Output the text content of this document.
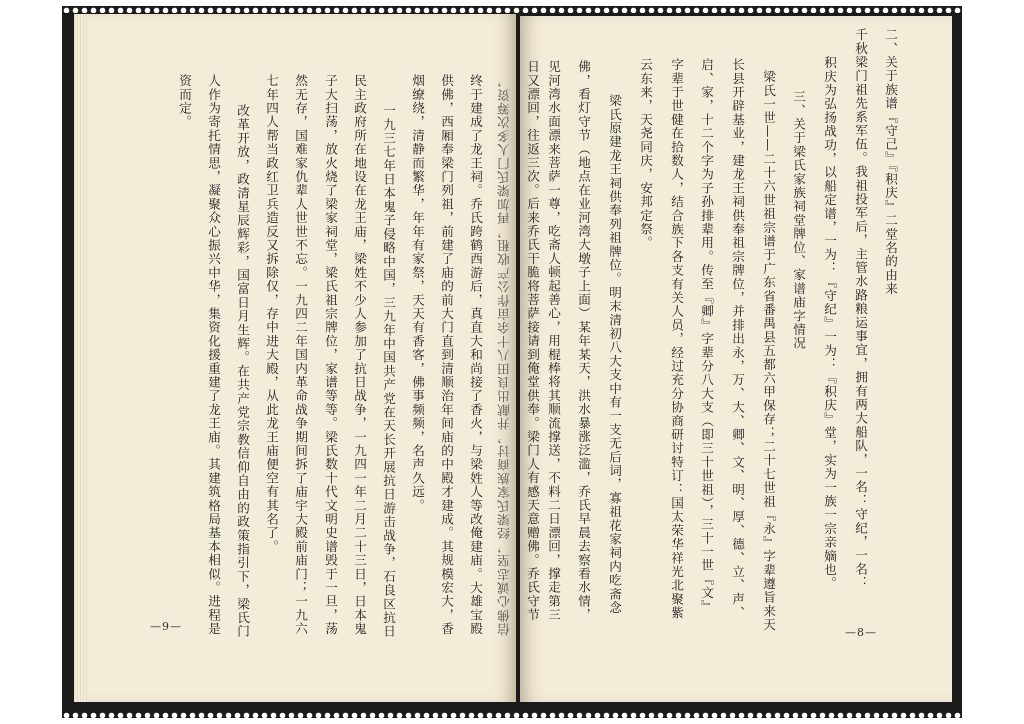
二、关于族谱『守己』『积庆』二堂名的由来
千秋梁门祖先系军伍。我祖投军后，主管水路粮运事宜，拥有两大船队，一名：守纪，一名：
积庆为弘扬战功，以船定谱，一为：『守纪』一为：『积庆』堂，实为一族一宗亲嫡也。
三、关于梁氏家族祠堂牌位、家谱庙字情况
梁氏一世——二十六世祖宗谱于广东省番禺县五都六甲保存；二十七世祖『永』字辈遵旨来天
长县开辟基业，建龙王祠供奉祖宗牌位，并排出永，万、大、卿、文、明、厚、德、立、声、
启、家，十二个字为子孙排辈用。传至『卿』字辈分八大支（即三十世祖），三十一世『文』
字辈于世健在拾数人，结合族下各支有关人员，经过充分协商研讨特订：国太荣华祥光北聚紫
云东来，天尧同庆，安邦定祭。
梁氏原建龙王祠供奉列祖牌位。明末清初八大支中有一支无后词，寡祖花家祠内吃斋念
佛，看灯守节（地点在业河湾大墩子上面）某年某天，洪水暴涨泛滥，乔氏早晨去察看水情，
见河湾水面漂来菩萨一尊，吃斋人顿起善心，用棍棒将其顺流撑送，不料二日漂回，撑走第三
日又漂回，往返三次。后来乔氏干脆将菩萨接请到俺堂供奉。梁门人有感天意赠佛。乔氏守节
—8—
信佛心诚志坚，经梁氏家族商讨，并献出良田八十余亩作公产收租，再加梁氏门人多次筹资，
终于建成了龙王祠。乔氏跨鹤西游后，真直大和尚接了香火，与梁姓人等改俺建庙。大雄宝殿
供佛，西厢奉梁门列祖，前建了庙的前大门直到清顺治年间庙的中殿才建成。其规模宏大，香
烟缭绕，清静而繁华，年年有家祭，天天有香客，佛事频频，名声久远。
一九三七年日本鬼子侵略中国，三九年中国共产党在天长开展抗日游击战争，石良区抗日
民主政府所在地设在龙王庙，梁姓不少人参加了抗日战争，一九四一年二月二十三日，日本鬼
子大扫荡，放火烧了梁家祠堂，梁氏祖宗牌位，家谱等等。梁氏数十代文明史谱毁于一旦，荡
然无存，国难家仇辈人世世不忘。一九四二年国内革命战争期间拆了庙宇大殿前庙门；一九六
七年四人帮当政红卫兵造反又拆除仅，存中进大殿，从此龙王庙便空有其名了。
改革开放，政清星辰辉彩，国富日月生辉。在共产党宗教信仰自由的政策指引下，梁氏门
人作为寄托情思，凝聚众心振兴中华，集资化援重建了龙王庙。其建筑格局基本相似。进程是
资而定。
—9—
